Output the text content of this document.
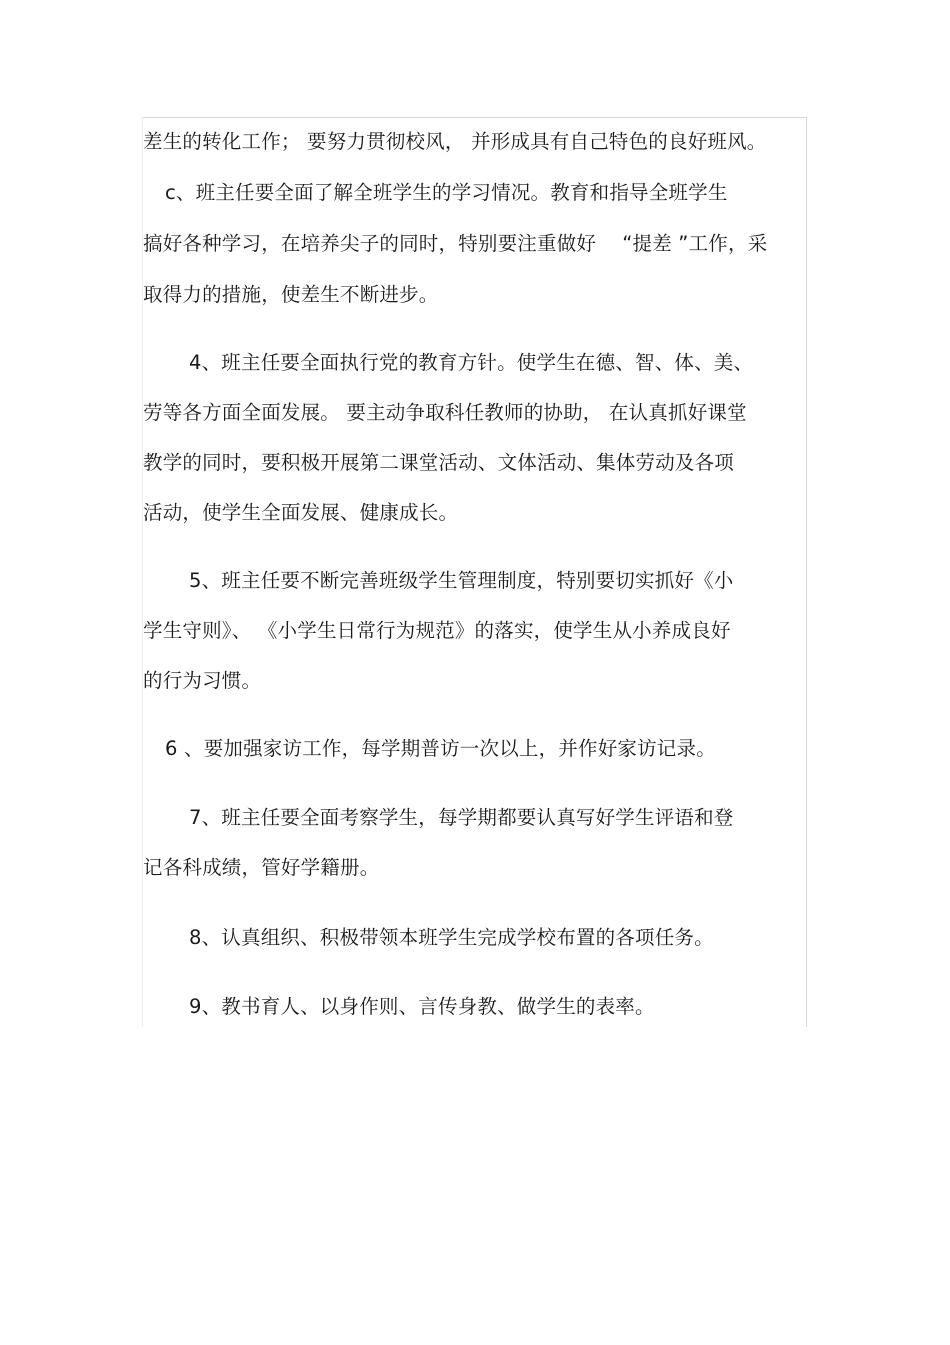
差生的转化工作； 要努力贯彻校风， 并形成具有自己特色的良好班风。
c、班主任要全面了解全班学生的学习情况。教育和指导全班学生
搞好各种学习，在培养尖子的同时，特别要注重做好　 “提差 ”工作，采
取得力的措施，使差生不断进步。
4、班主任要全面执行党的教育方针。使学生在德、智、体、美、
劳等各方面全面发展。 要主动争取科任教师的协助， 在认真抓好课堂
教学的同时，要积极开展第二课堂活动、文体活动、集体劳动及各项
活动，使学生全面发展、健康成长。
5、班主任要不断完善班级学生管理制度，特别要切实抓好《小
学生守则》、 《小学生日常行为规范》的落实，使学生从小养成良好
的行为习惯。
6 、要加强家访工作，每学期普访一次以上，并作好家访记录。
7、班主任要全面考察学生，每学期都要认真写好学生评语和登
记各科成绩，管好学籍册。
8、认真组织、积极带领本班学生完成学校布置的各项任务。
9、教书育人、以身作则、言传身教、做学生的表率。
